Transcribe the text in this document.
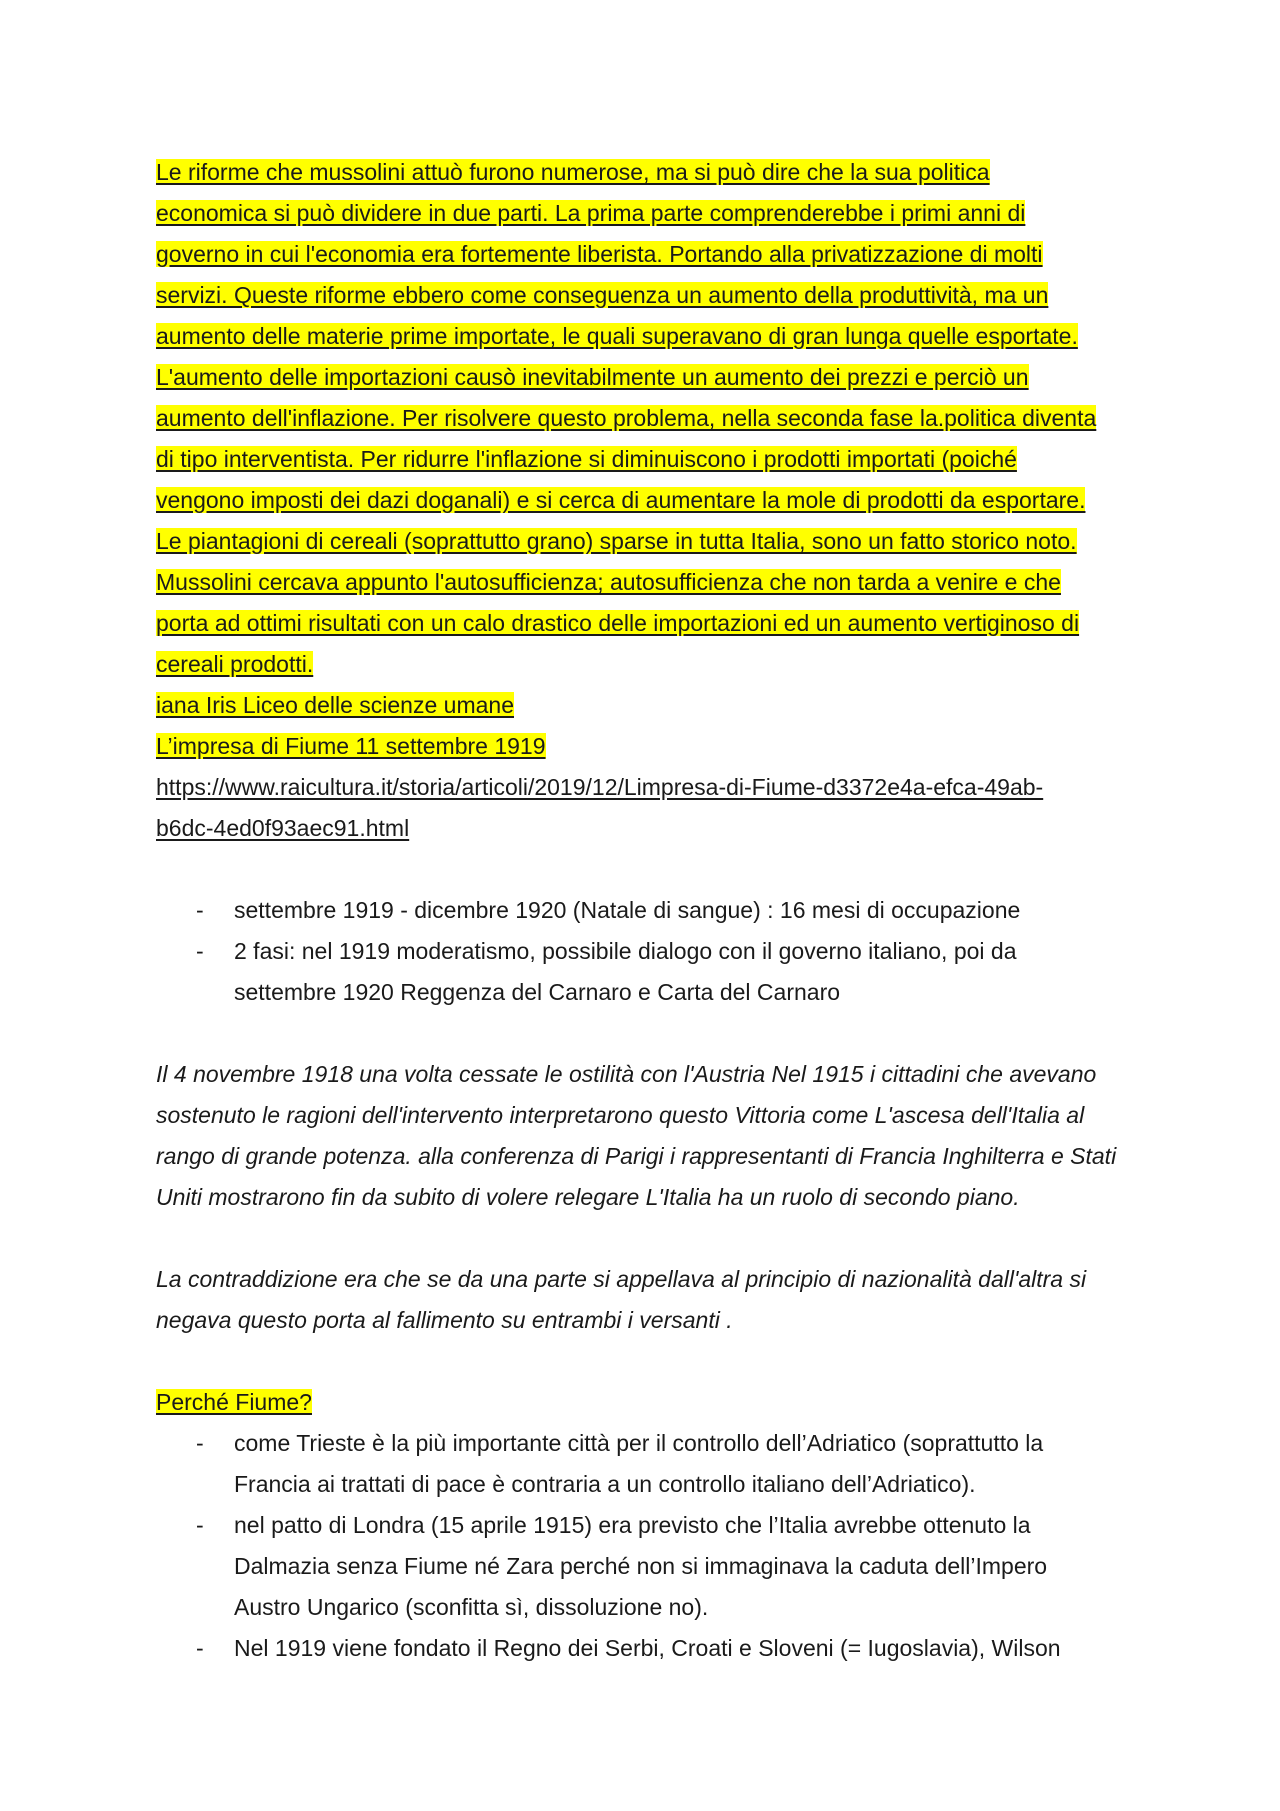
Le riforme che mussolini attuò furono numerose, ma si può dire che la sua politica
economica si può dividere in due parti. La prima parte comprenderebbe i primi anni di
governo in cui l'economia era fortemente liberista. Portando alla privatizzazione di molti
servizi. Queste riforme ebbero come conseguenza un aumento della produttività, ma un
aumento delle materie prime importate, le quali superavano di gran lunga quelle esportate.
L'aumento delle importazioni causò inevitabilmente un aumento dei prezzi e perciò un
aumento dell'inflazione. Per risolvere questo problema, nella seconda fase la.politica diventa
di tipo interventista. Per ridurre l'inflazione si diminuiscono i prodotti importati (poiché
vengono imposti dei dazi doganali) e si cerca di aumentare la mole di prodotti da esportare.
Le piantagioni di cereali (soprattutto grano) sparse in tutta Italia, sono un fatto storico noto.
Mussolini cercava appunto l'autosufficienza; autosufficienza che non tarda a venire e che
porta ad ottimi risultati con un calo drastico delle importazioni ed un aumento vertiginoso di
cereali prodotti.
iana Iris Liceo delle scienze umane
L’impresa di Fiume 11 settembre 1919
https://www.raicultura.it/storia/articoli/2019/12/Limpresa-di-Fiume-d3372e4a-efca-49ab-
b6dc-4ed0f93aec91.html
- settembre 1919 - dicembre 1920 (Natale di sangue) : 16 mesi di occupazione
- 2 fasi: nel 1919 moderatismo, possibile dialogo con il governo italiano, poi da settembre 1920 Reggenza del Carnaro e Carta del Carnaro

Il 4 novembre 1918 una volta cessate le ostilità con l'Austria Nel 1915 i cittadini che avevano sostenuto le ragioni dell'intervento interpretarono questo Vittoria come L'ascesa dell'Italia al rango di grande potenza. alla conferenza di Parigi i rappresentanti di Francia Inghilterra e Stati Uniti mostrarono fin da subito di volere relegare L'Italia ha un ruolo di secondo piano.

La contraddizione era che se da una parte si appellava al principio di nazionalità dall'altra si negava questo porta al fallimento su entrambi i versanti .

Perché Fiume?
- come Trieste è la più importante città per il controllo dell’Adriatico (soprattutto la Francia ai trattati di pace è contraria a un controllo italiano dell’Adriatico).
- nel patto di Londra (15 aprile 1915) era previsto che l’Italia avrebbe ottenuto la Dalmazia senza Fiume né Zara perché non si immaginava la caduta dell’Impero Austro Ungarico (sconfitta sì, dissoluzione no).
- Nel 1919 viene fondato il Regno dei Serbi, Croati e Sloveni (= Iugoslavia), Wilson
